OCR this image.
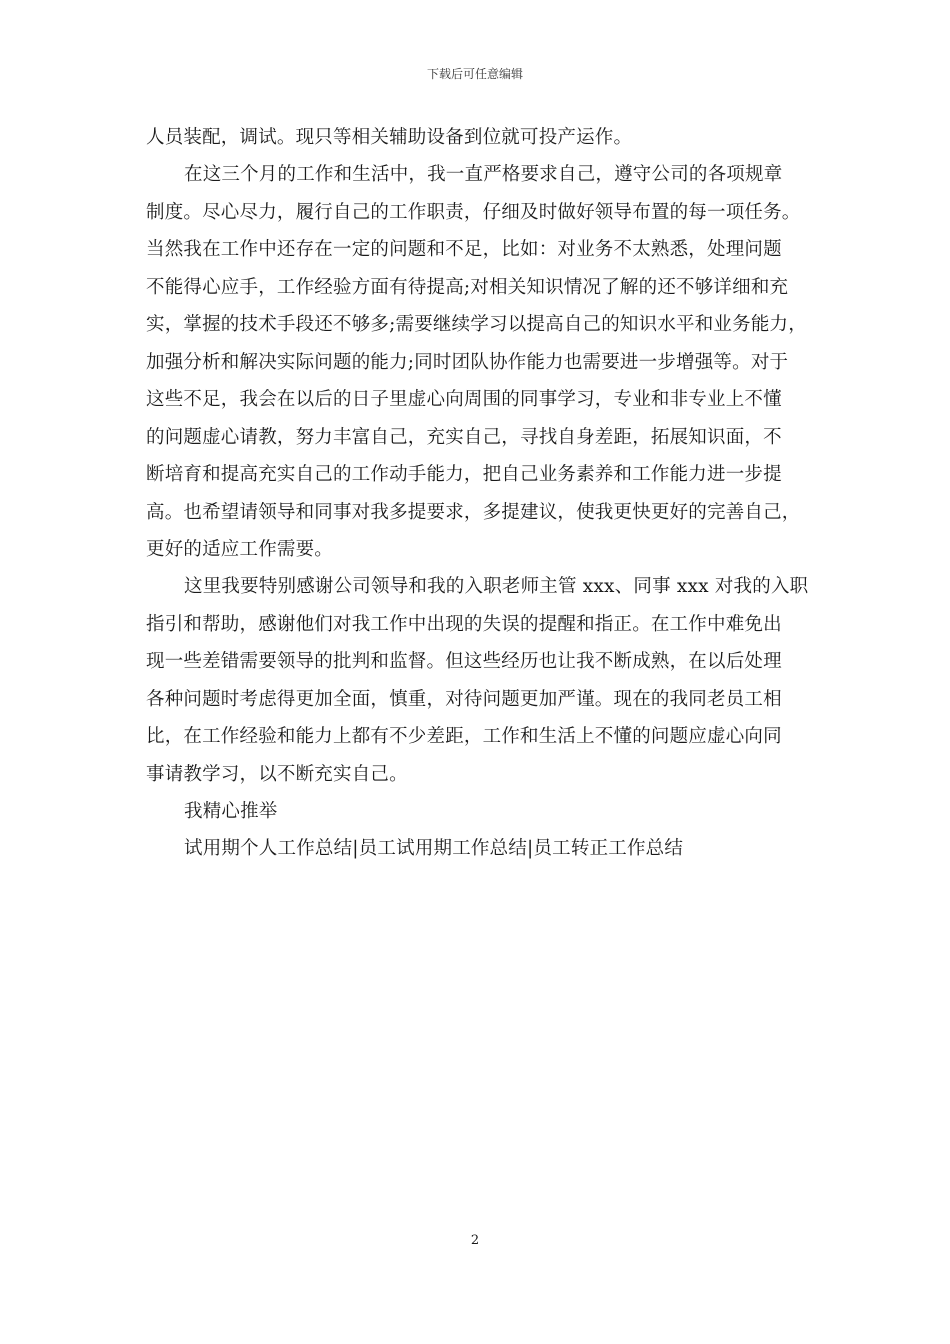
下载后可任意编辑
人员装配，调试。现只等相关辅助设备到位就可投产运作。
在这三个月的工作和生活中，我一直严格要求自己，遵守公司的各项规章
制度。尽心尽力，履行自己的工作职责，仔细及时做好领导布置的每一项任务。
当然我在工作中还存在一定的问题和不足，比如：对业务不太熟悉，处理问题
不能得心应手，工作经验方面有待提高;对相关知识情况了解的还不够详细和充
实，掌握的技术手段还不够多;需要继续学习以提高自己的知识水平和业务能力，
加强分析和解决实际问题的能力;同时团队协作能力也需要进一步增强等。对于
这些不足，我会在以后的日子里虚心向周围的同事学习，专业和非专业上不懂
的问题虚心请教，努力丰富自己，充实自己，寻找自身差距，拓展知识面，不
断培育和提高充实自己的工作动手能力，把自己业务素养和工作能力进一步提
高。也希望请领导和同事对我多提要求，多提建议，使我更快更好的完善自己，
更好的适应工作需要。
这里我要特别感谢公司领导和我的入职老师主管 xxx、同事 xxx 对我的入职
指引和帮助，感谢他们对我工作中出现的失误的提醒和指正。在工作中难免出
现一些差错需要领导的批判和监督。但这些经历也让我不断成熟，在以后处理
各种问题时考虑得更加全面，慎重，对待问题更加严谨。现在的我同老员工相
比，在工作经验和能力上都有不少差距，工作和生活上不懂的问题应虚心向同
事请教学习，以不断充实自己。
我精心推举
试用期个人工作总结|员工试用期工作总结|员工转正工作总结
2
